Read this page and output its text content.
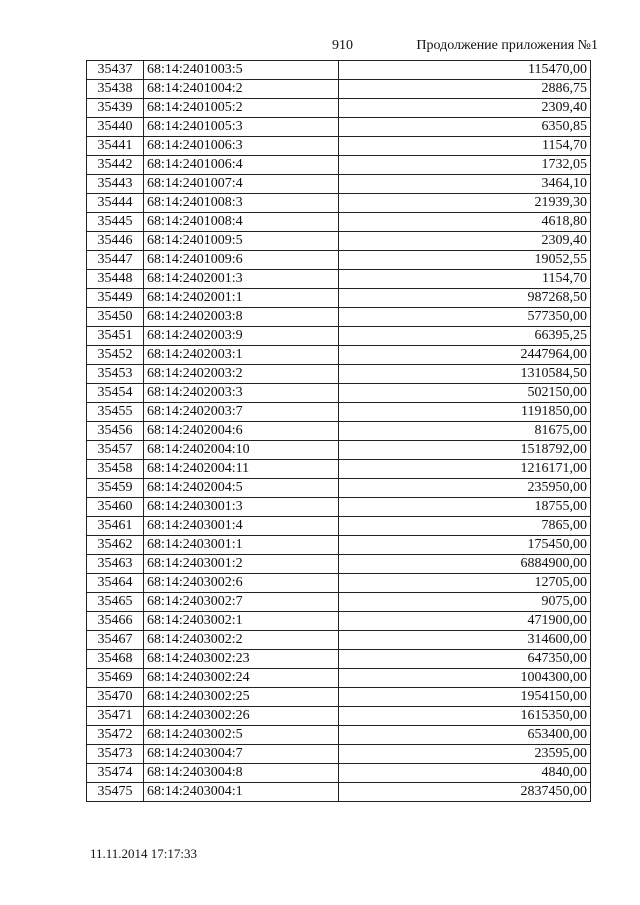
910	Продолжение приложения №1
35437	68:14:2401003:5	115470,00
35438	68:14:2401004:2	2886,75
35439	68:14:2401005:2	2309,40
35440	68:14:2401005:3	6350,85
35441	68:14:2401006:3	1154,70
35442	68:14:2401006:4	1732,05
35443	68:14:2401007:4	3464,10
35444	68:14:2401008:3	21939,30
35445	68:14:2401008:4	4618,80
35446	68:14:2401009:5	2309,40
35447	68:14:2401009:6	19052,55
35448	68:14:2402001:3	1154,70
35449	68:14:2402001:1	987268,50
35450	68:14:2402003:8	577350,00
35451	68:14:2402003:9	66395,25
35452	68:14:2402003:1	2447964,00
35453	68:14:2402003:2	1310584,50
35454	68:14:2402003:3	502150,00
35455	68:14:2402003:7	1191850,00
35456	68:14:2402004:6	81675,00
35457	68:14:2402004:10	1518792,00
35458	68:14:2402004:11	1216171,00
35459	68:14:2402004:5	235950,00
35460	68:14:2403001:3	18755,00
35461	68:14:2403001:4	7865,00
35462	68:14:2403001:1	175450,00
35463	68:14:2403001:2	6884900,00
35464	68:14:2403002:6	12705,00
35465	68:14:2403002:7	9075,00
35466	68:14:2403002:1	471900,00
35467	68:14:2403002:2	314600,00
35468	68:14:2403002:23	647350,00
35469	68:14:2403002:24	1004300,00
35470	68:14:2403002:25	1954150,00
35471	68:14:2403002:26	1615350,00
35472	68:14:2403002:5	653400,00
35473	68:14:2403004:7	23595,00
35474	68:14:2403004:8	4840,00
35475	68:14:2403004:1	2837450,00
11.11.2014 17:17:33
